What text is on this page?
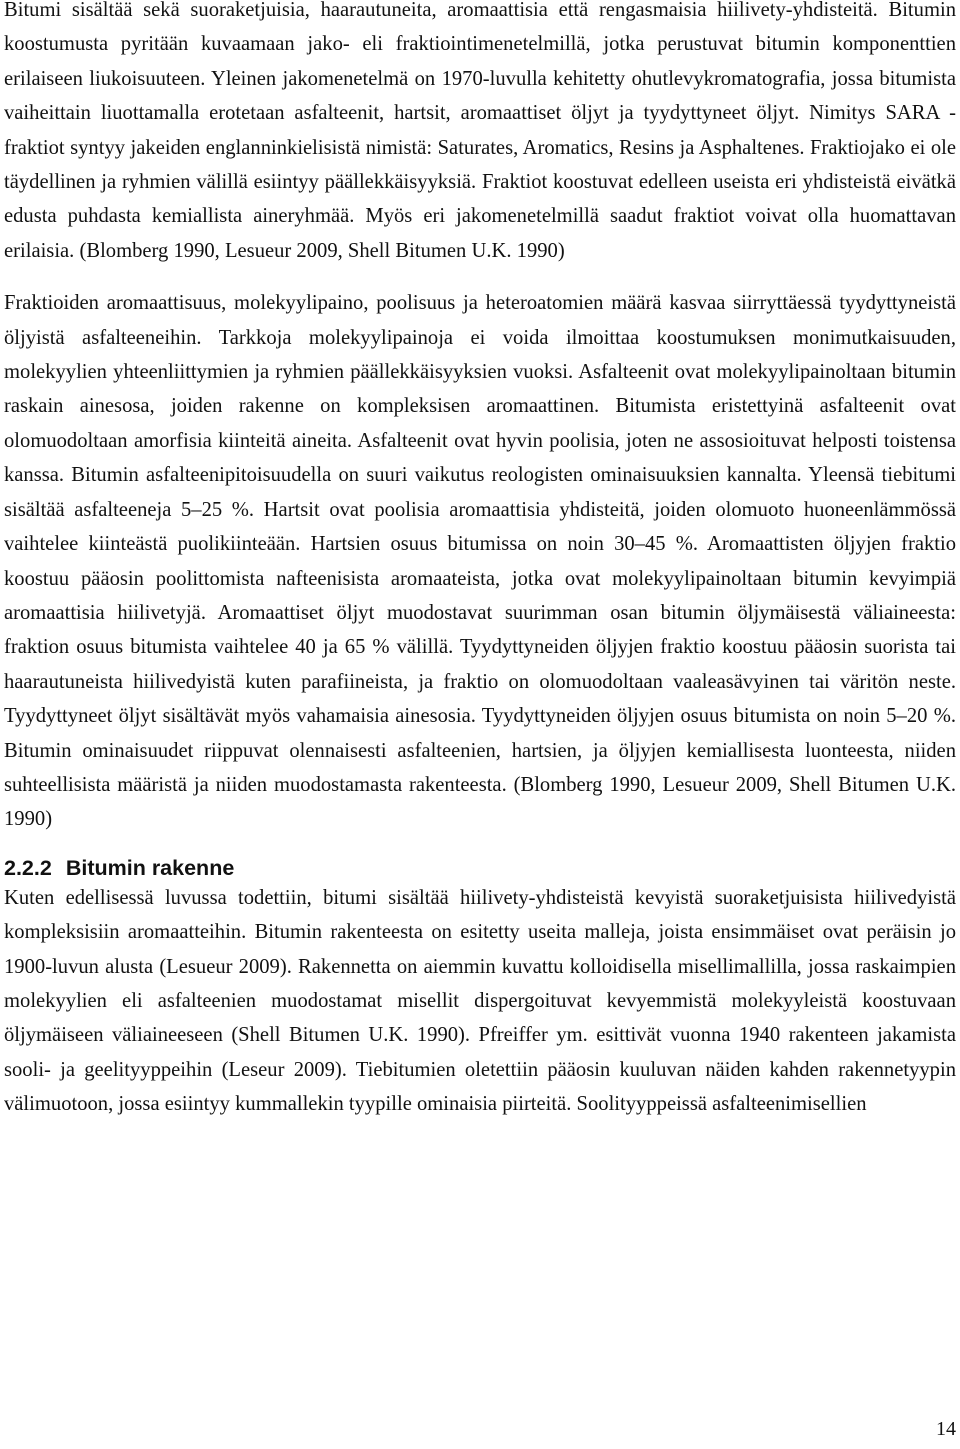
Bitumi sisältää sekä suoraketjuisia, haarautuneita, aromaattisia että rengasmaisia hiilivety-yhdisteitä. Bitumin koostumusta pyritään kuvaamaan jako- eli fraktiointimenetelmillä, jotka perustuvat bitumin komponenttien erilaiseen liukoisuuteen. Yleinen jakomenetelmä on 1970-luvulla kehitetty ohutlevykromatografia, jossa bitumista vaiheittain liuottamalla erotetaan asfalteenit, hartsit, aromaattiset öljyt ja tyydyttyneet öljyt. Nimitys SARA -fraktiot syntyy jakeiden englanninkielisistä nimistä: Saturates, Aromatics, Resins ja Asphaltenes. Fraktiojako ei ole täydellinen ja ryhmien välillä esiintyy päällekkäisyyksiä. Fraktiot koostuvat edelleen useista eri yhdisteistä eivätkä edusta puhdasta kemiallista aineryhmää. Myös eri jakomenetelmillä saadut fraktiot voivat olla huomattavan erilaisia. (Blomberg 1990, Lesueur 2009, Shell Bitumen U.K. 1990)

Fraktioiden aromaattisuus, molekyylipaino, poolisuus ja heteroatomien määrä kasvaa siirryttäessä tyydyttyneistä öljyistä asfalteeneihin. Tarkkoja molekyylipainoja ei voida ilmoittaa koostumuksen monimutkaisuuden, molekyylien yhteenliittymien ja ryhmien päällekkäisyyksien vuoksi. Asfalteenit ovat molekyylipainoltaan bitumin raskain ainesosa, joiden rakenne on kompleksisen aromaattinen. Bitumista eristettyinä asfalteenit ovat olomuodoltaan amorfisia kiinteitä aineita. Asfalteenit ovat hyvin poolisia, joten ne assosioituvat helposti toistensa kanssa. Bitumin asfalteenipitoisuudella on suuri vaikutus reologisten ominaisuuksien kannalta. Yleensä tiebitumi sisältää asfalteeneja 5–25 %. Hartsit ovat poolisia aromaattisia yhdisteitä, joiden olomuoto huoneenlämmössä vaihtelee kiinteästä puolikiinteään. Hartsien osuus bitumissa on noin 30–45 %. Aromaattisten öljyjen fraktio koostuu pääosin poolittomista nafteenisista aromaateista, jotka ovat molekyylipainoltaan bitumin kevyimpiä aromaattisia hiilivetyjä. Aromaattiset öljyt muodostavat suurimman osan bitumin öljymäisestä väliaineesta: fraktion osuus bitumista vaihtelee 40 ja 65 % välillä. Tyydyttyneiden öljyjen fraktio koostuu pääosin suorista tai haarautuneista hiilivedyistä kuten parafiineista, ja fraktio on olomuodoltaan vaaleasävyinen tai väritön neste. Tyydyttyneet öljyt sisältävät myös vahamaisia ainesosia. Tyydyttyneiden öljyjen osuus bitumista on noin 5–20 %. Bitumin ominaisuudet riippuvat olennaisesti asfalteenien, hartsien, ja öljyjen kemiallisesta luonteesta, niiden suhteellisista määristä ja niiden muodostamasta rakenteesta. (Blomberg 1990, Lesueur 2009, Shell Bitumen U.K. 1990)

2.2.2 Bitumin rakenne

Kuten edellisessä luvussa todettiin, bitumi sisältää hiilivety-yhdisteistä kevyistä suoraketjuisista hiilivedyistä kompleksisiin aromaatteihin. Bitumin rakenteesta on esitetty useita malleja, joista ensimmäiset ovat peräisin jo 1900-luvun alusta (Lesueur 2009). Rakennetta on aiemmin kuvattu kolloidisella misellimallilla, jossa raskaimpien molekyylien eli asfalteenien muodostamat misellit dispergoituvat kevyemmistä molekyyleistä koostuvaan öljymäiseen väliaineeseen (Shell Bitumen U.K. 1990). Pfreiffer ym. esittivät vuonna 1940 rakenteen jakamista sooli- ja geelityyppeihin (Leseur 2009). Tiebitumien oletettiin pääosin kuuluvan näiden kahden rakennetyypin välimuotoon, jossa esiintyy kummallekin tyypille ominaisia piirteitä. Soolityyppeissä asfalteenimisellien

14
